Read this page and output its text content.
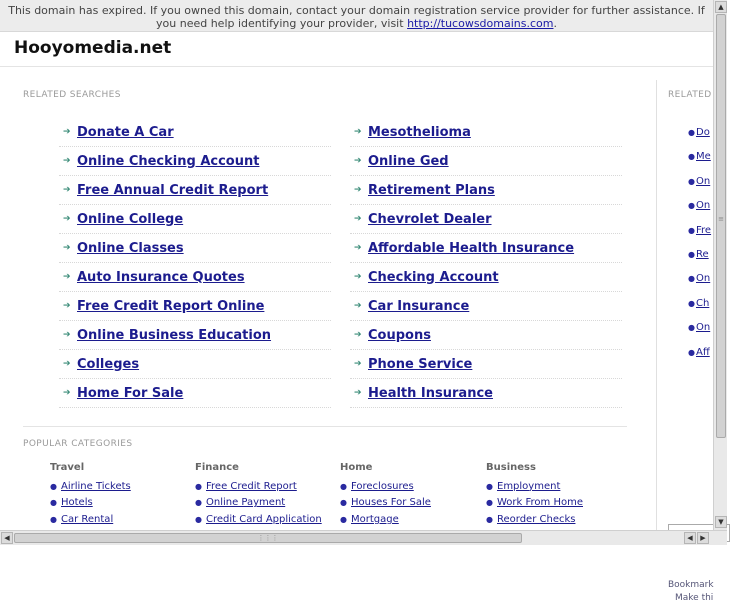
This domain has expired. If you owned this domain, contact your domain registration service provider for further assistance. If you need help identifying your provider, visit http://tucowsdomains.com.
Hooyomedia.net
RELATED SEARCHES
➔ Donate A Car
➔ Online Checking Account
➔ Free Annual Credit Report
➔ Online College
➔ Online Classes
➔ Auto Insurance Quotes
➔ Free Credit Report Online
➔ Online Business Education
➔ Colleges
➔ Home For Sale
➔ Mesothelioma
➔ Online Ged
➔ Retirement Plans
➔ Chevrolet Dealer
➔ Affordable Health Insurance
➔ Checking Account
➔ Car Insurance
➔ Coupons
➔ Phone Service
➔ Health Insurance
POPULAR CATEGORIES
Travel
● Airline Tickets
● Hotels
● Car Rental
Finance
● Free Credit Report
● Online Payment
● Credit Card Application
Home
● Foreclosures
● Houses For Sale
● Mortgage
Business
● Employment
● Work From Home
● Reorder Checks
RELATED
● Do
● Me
● On
● On
● Fre
● Re
● On
● Ch
● On
● Aff
Bookmark
Make thi
▲
≡
▼
◀	⋮⋮⋮	◀	▶
